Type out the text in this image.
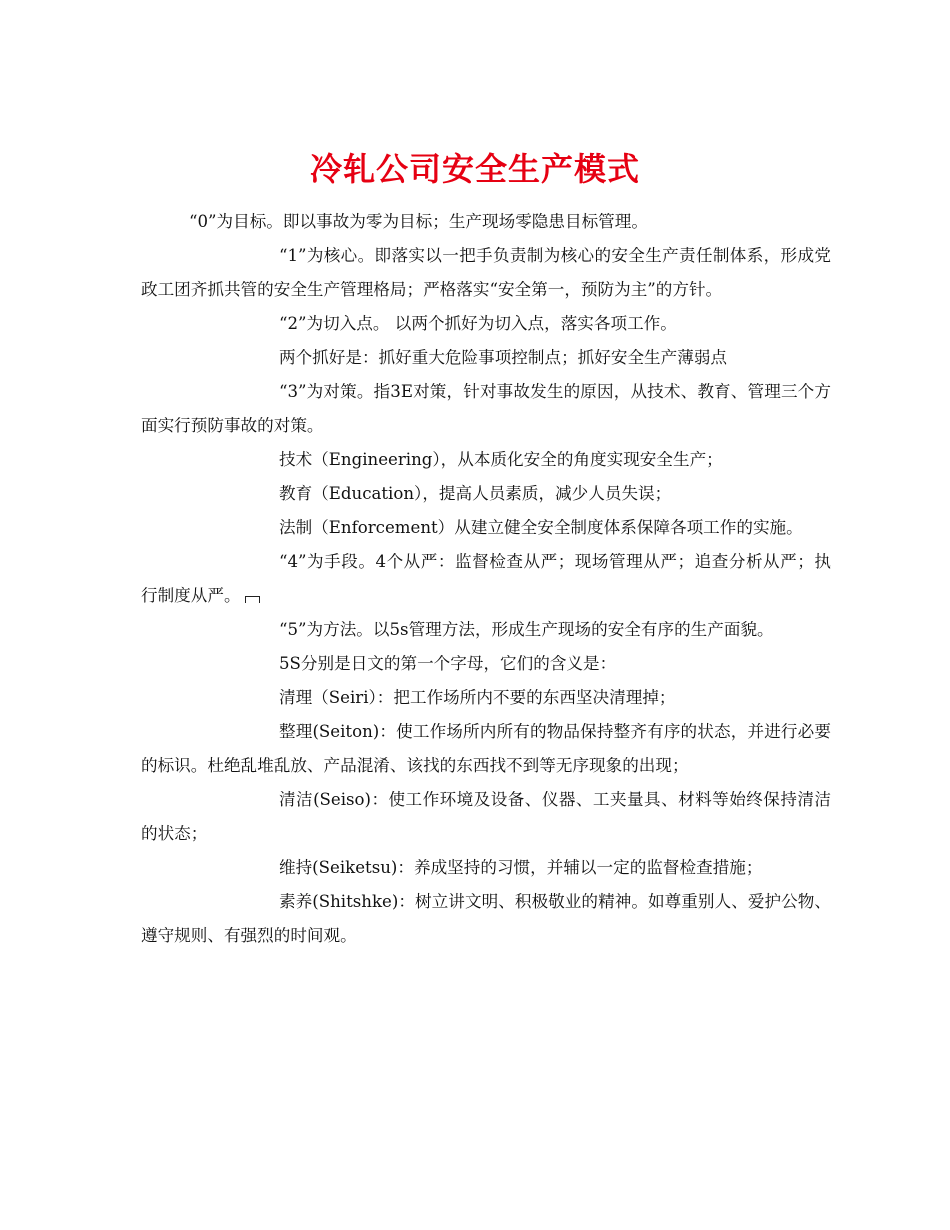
冷轧公司安全生产模式

“0”为目标。即以事故为零为目标；生产现场零隐患目标管理。

“1”为核心。即落实以一把手负责制为核心的安全生产责任制体系，形成党政工团齐抓共管的安全生产管理格局；严格落实“安全第一，预防为主”的方针。

“2”为切入点。 以两个抓好为切入点，落实各项工作。

两个抓好是：抓好重大危险事项控制点；抓好安全生产薄弱点

“3”为对策。指3E对策，针对事故发生的原因，从技术、教育、管理三个方面实行预防事故的对策。

技术（Engineering），从本质化安全的角度实现安全生产；

教育（Education），提高人员素质，减少人员失误；

法制（Enforcement）从建立健全安全制度体系保障各项工作的实施。

“4”为手段。4个从严：监督检查从严；现场管理从严；追查分析从严；执行制度从严。

“5”为方法。以5s管理方法，形成生产现场的安全有序的生产面貌。

5S分别是日文的第一个字母，它们的含义是：

清理（Seiri）：把工作场所内不要的东西坚决清理掉；

整理(Seiton)：使工作场所内所有的物品保持整齐有序的状态，并进行必要的标识。杜绝乱堆乱放、产品混淆、该找的东西找不到等无序现象的出现；

清洁(Seiso)：使工作环境及设备、仪器、工夹量具、材料等始终保持清洁的状态；

维持(Seiketsu)：养成坚持的习惯，并辅以一定的监督检查措施；

素养(Shitshke)：树立讲文明、积极敬业的精神。如尊重别人、爱护公物、遵守规则、有强烈的时间观。
